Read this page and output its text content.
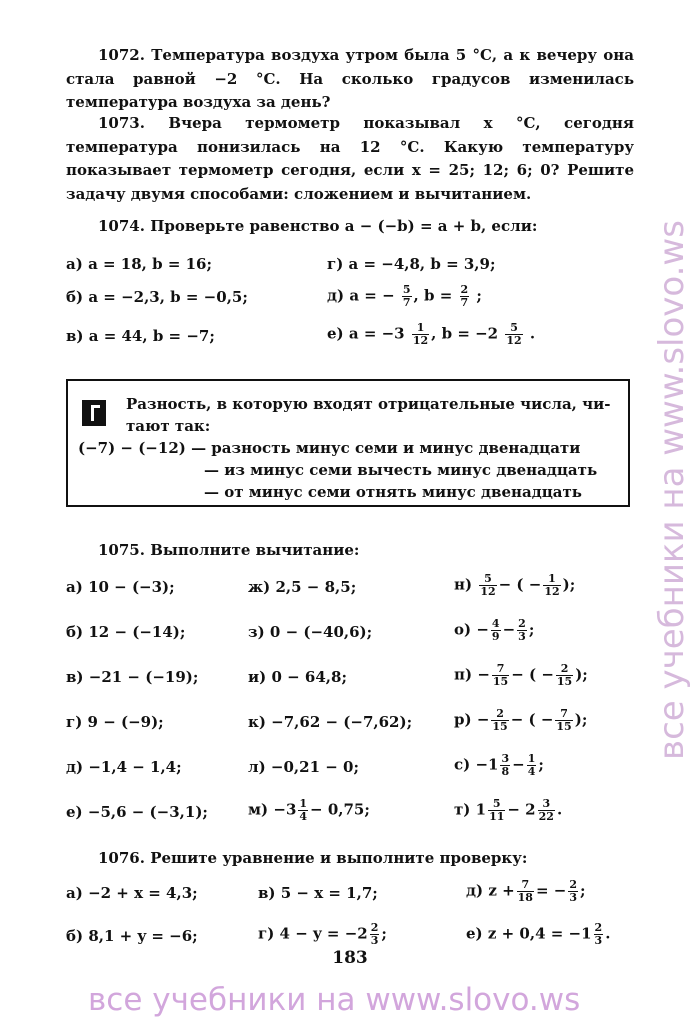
1072. Температура воздуха утром была 5 °С, а к вечеру она стала равной −2 °С. На сколько градусов изменилась температура воздуха за день?
1073. Вчера термометр показывал x °С, сегодня температура понизилась на 12 °С. Какую температуру показывает термометр сегодня, если x = 25; 12; 6; 0? Решите задачу двумя способами: сложением и вычитанием.
1074. Проверьте равенство a − (−b) = a + b, если:
а) a = 18, b = 16;
б) a = −2,3, b = −0,5;
в) a = 44, b = −7;
г) a = −4,8, b = 3,9;
д) a = − $\frac{5}{7}$ , $b = \frac{2}{7}$ ;
е) $a = -3 \frac{1}{12}$ , $b = -2 \frac{5}{12}$ .
Разность, в которую входят отрицательные числа, чи-
тают так:
(−7) − (−12) — разность минус семи и минус двенадцати
— из минус семи вычесть минус двенадцать
— от минус семи отнять минус двенадцать
1075. Выполните вычитание:
а) 10 − (−3);
б) 12 − (−14);
в) −21 − (−19);
г) 9 − (−9);
д) −1,4 − 1,4;
е) −5,6 − (−3,1);
ж) 2,5 − 8,5;
з) 0 − (−40,6);
и) 0 − 64,8;
к) −7,62 − (−7,62);
л) −0,21 − 0;
$м) -3 \frac{1}{4} - 0,75$;
$н) \frac{5}{12}$ − ( − $\frac{1}{12}$ );
$о) - \frac{4}{9} - \frac{2}{3}$ ;
$п) - \frac{7}{15}$ − ( − $\frac{2}{15}$ );
$р) - \frac{2}{15}$ − ( − $\frac{7}{15}$ );
$с) -1 \frac{3}{8} - \frac{1}{4}$ ;
т) $1 \frac{5}{11} - 2 \frac{3}{22}$ .
1076. Решите уравнение и выполните проверку:
а) −2 + x = 4,3;
б) 8,1 + y = −6;
в) 5 − x = 1,7;
г) $4 - y = -2 \frac{2}{3}$ ;
д) $z + \frac{7}{18}$ = − $\frac{2}{3}$ ;
е) $z + 0,4 = -1 \frac{2}{3}$ .
183
все учебники на www.slovo.ws
все учебники на www.slovo.ws
